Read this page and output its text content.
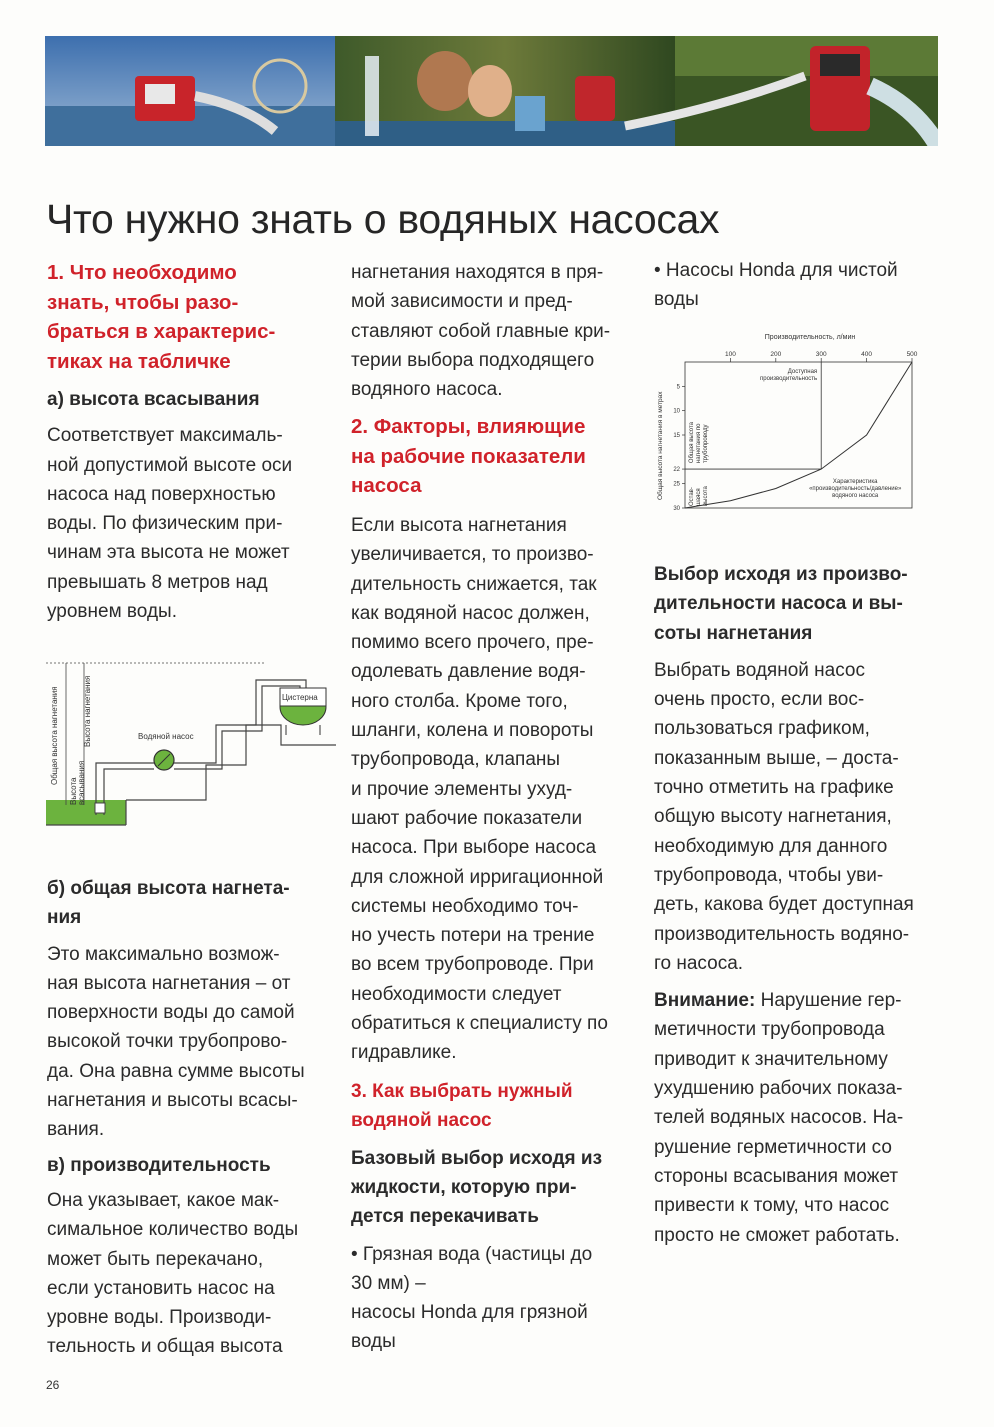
Что нужно знать о водяных насосах

1. Что необходимо
знать, чтобы разо-
браться в характерис-
тиках на табличке

а) высота всасывания

Соответствует максималь-
ной допустимой высоте оси
насоса над поверхностью
воды. По физическим при-
чинам эта высота не может
превышать 8 метров над
уровнем воды.

Цистерна
Водяной насос
Общая высота нагнетания	Высота нагнетания
Высота всасывания

б) общая высота нагнета-
ния

Это максимально возмож-
ная высота нагнетания – от
поверхности воды до самой
высокой точки трубопрово-
да. Она равна сумме высоты
нагнетания и высоты всасы-
вания.

в) производительность

Она указывает, какое мак-
симальное количество воды
может быть перекачано,
если установить насос на
уровне воды. Производи-
тельность и общая высота

нагнетания находятся в пря-
мой зависимости и пред-
ставляют собой главные кри-
терии выбора подходящего
водяного насоса.

2. Факторы, влияющие
на рабочие показатели
насоса

Если высота нагнетания
увеличивается, то произво-
дительность снижается, так
как водяной насос должен,
помимо всего прочего, пре-
одолевать давление водя-
ного столба. Кроме того,
шланги, колена и повороты
трубопровода, клапаны
и прочие элементы ухуд-
шают рабочие показатели
насоса. При выборе насоса
для сложной ирригационной
системы необходимо точ-
но учесть потери на трение
во всем трубопроводе. При
необходимости следует
обратиться к специалисту по
гидравлике.

3. Как выбрать нужный
водяной насос

Базовый выбор исходя из
жидкости, которую при-
дется перекачивать

• Грязная вода (частицы до
30 мм) –
насосы Honda для грязной
воды

• Насосы Honda для чистой
воды

Производительность, л/мин
Общая высота нагнетания в метрах
100	200	300	400	500
5
10
15
22
25
30
Доступная
производительность
Общая высота нагнетания по трубопроводу
Остав- шаяся высота
Характеристика
«производительность/давление»
водяного насоса

Выбор исходя из произво-
дительности насоса и вы-
соты нагнетания

Выбрать водяной насос
очень просто, если вос-
пользоваться графиком,
показанным выше, – доста-
точно отметить на графике
общую высоту нагнетания,
необходимую для данного
трубопровода, чтобы уви-
деть, какова будет доступная
производительность водяно-
го насоса.

Внимание: Нарушение гер-
метичности трубопровода
приводит к значительному
ухудшению рабочих показа-
телей водяных насосов. На-
рушение герметичности со
стороны всасывания может
привести к тому, что насос
просто не сможет работать.

26
